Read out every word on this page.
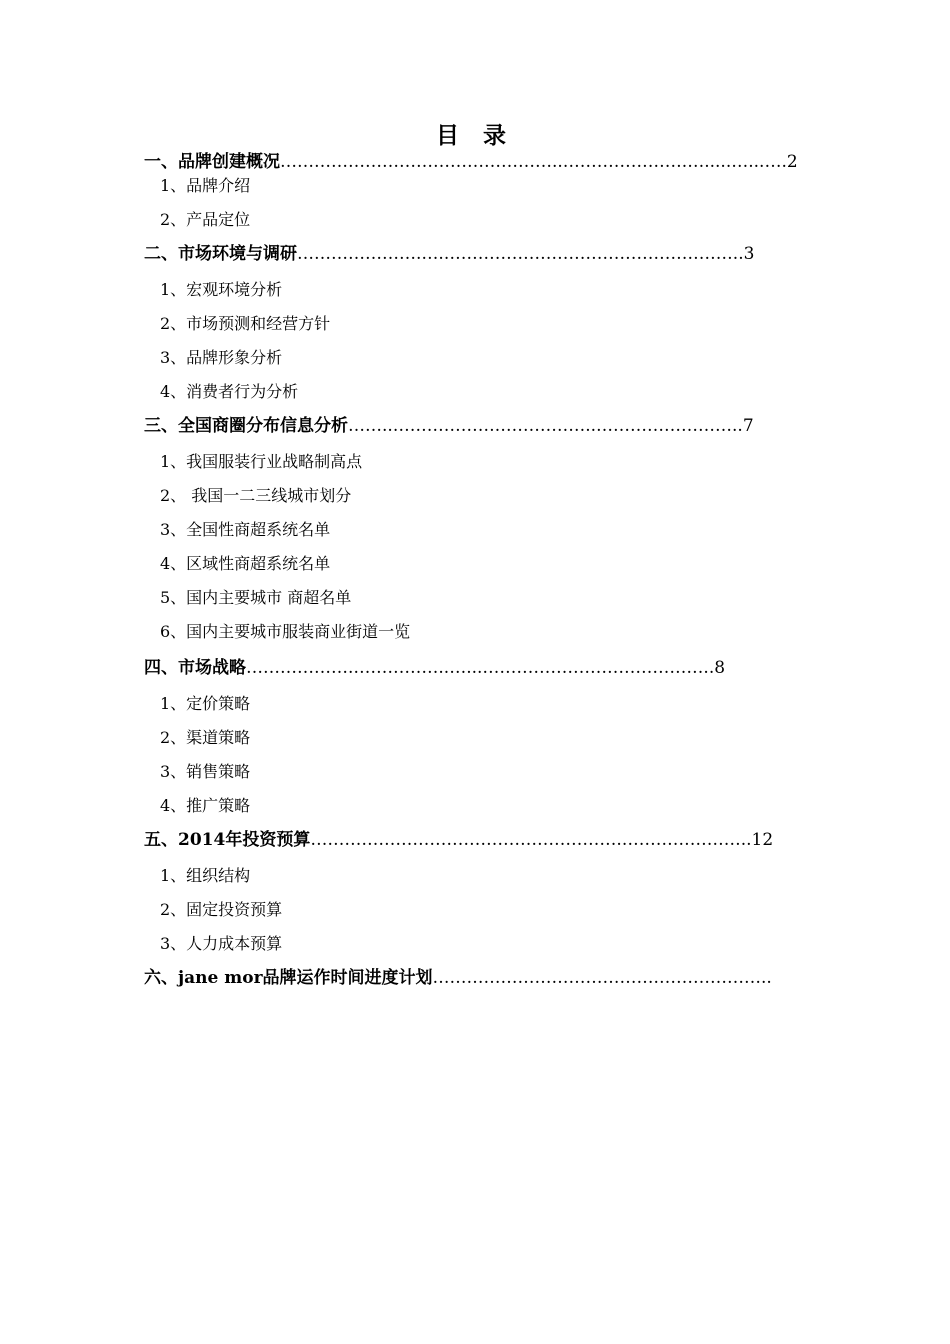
目 录
一、品牌创建概况…………………………………………..………………….….....…...….2
1、品牌介绍
2、产品定位
二、市场环境与调研………………….….……………………………………………..3
1、宏观环境分析
2、市场预测和经营方针
3、品牌形象分析
4、消费者行为分析
三、全国商圈分布信息分析……..……………….……………..……………………..7
1、我国服装行业战略制高点
2、 我国一二三线城市划分
3、全国性商超系统名单
4、区域性商超系统名单
5、国内主要城市 商超名单
6、国内主要城市服装商业街道一览
四、市场战略……………….……………..…...…………………………………..8
1、定价策略
2、渠道策略
3、销售策略
4、推广策略
五、2014年投资预算……………………………………………….…………………..12
1、组织结构
2、固定投资预算
3、人力成本预算
六、jane mor品牌运作时间进度计划………………………………….………………..
